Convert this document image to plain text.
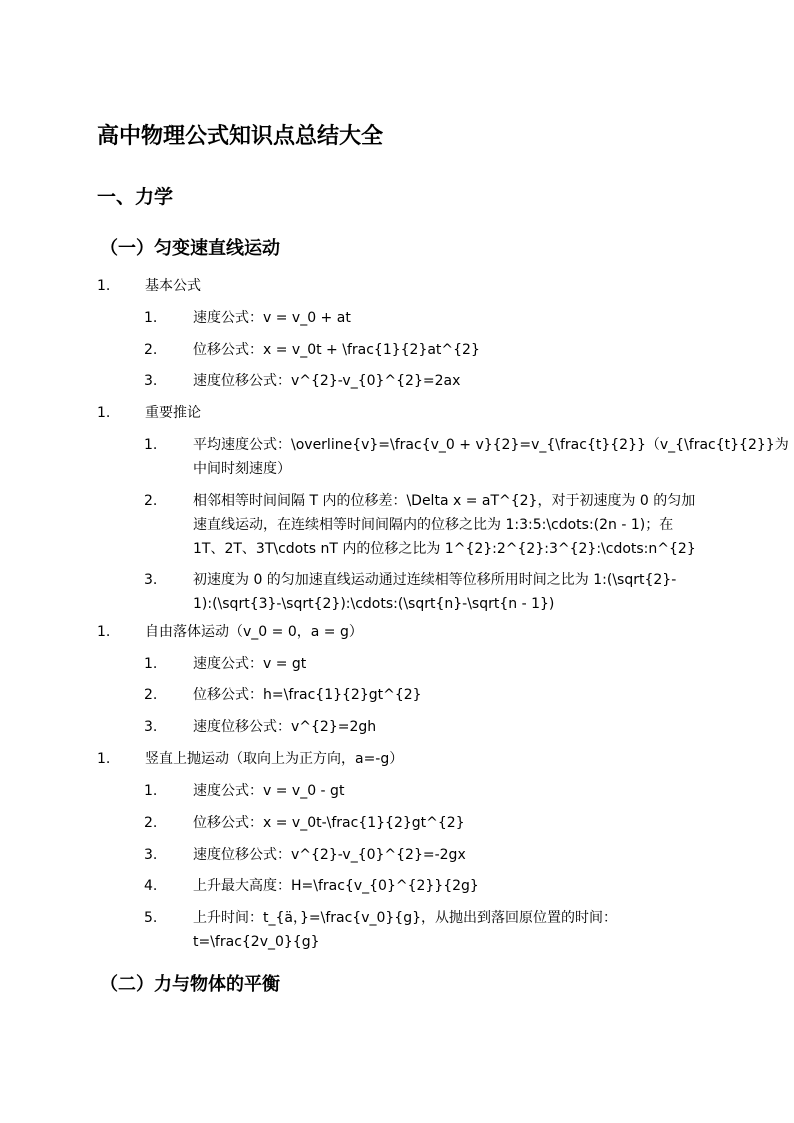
高中物理公式知识点总结大全
一、力学
（一）匀变速直线运动
1. 基本公式
1.	速度公式：v = v_0 + at
2.	位移公式：x = v_0t + \frac{1}{2}at^{2}
3.	速度位移公式：v^{2}-v_{0}^{2}=2ax
1. 重要推论
1.	平均速度公式：\overline{v}=\frac{v_0 + v}{2}=v_{\frac{t}{2}}（v_{\frac{t}{2}}为
中间时刻速度）
2.	相邻相等时间间隔 T 内的位移差：\Delta x = aT^{2}，对于初速度为 0 的匀加
速直线运动，在连续相等时间间隔内的位移之比为 1:3:5:\cdots:(2n - 1)；在
1T、2T、3T\cdots nT 内的位移之比为 1^{2}:2^{2}:3^{2}:\cdots:n^{2}
3.	初速度为 0 的匀加速直线运动通过连续相等位移所用时间之比为 1:(\sqrt{2}-
1):(\sqrt{3}-\sqrt{2}):\cdots:(\sqrt{n}-\sqrt{n - 1})
1. 自由落体运动（v_0 = 0，a = g）
1.	速度公式：v = gt
2.	位移公式：h=\frac{1}{2}gt^{2}
3.	速度位移公式：v^{2}=2gh
1. 竖直上抛运动（取向上为正方向，a=-g）
1.	速度公式：v = v_0 - gt
2.	位移公式：x = v_0t-\frac{1}{2}gt^{2}
3.	速度位移公式：v^{2}-v_{0}^{2}=-2gx
4.	上升最大高度：H=\frac{v_{0}^{2}}{2g}
5.	上升时间：t_{ä，}=\frac{v_0}{g}，从抛出到落回原位置的时间：
t=\frac{2v_0}{g}
（二）力与物体的平衡
